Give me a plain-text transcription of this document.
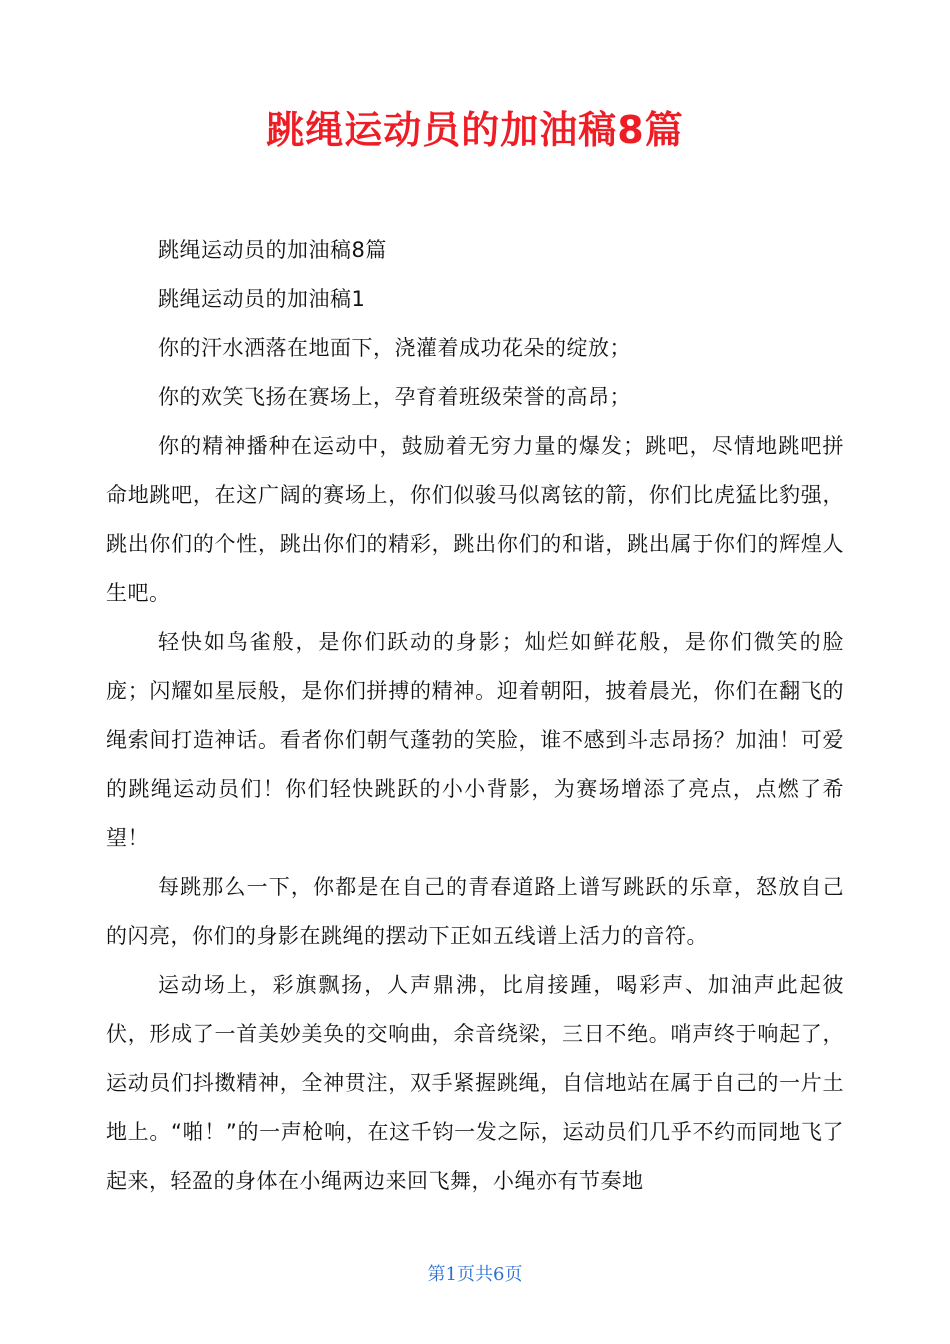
跳绳运动员的加油稿8篇

跳绳运动员的加油稿8篇

跳绳运动员的加油稿1

你的汗水洒落在地面下，浇灌着成功花朵的绽放；

你的欢笑飞扬在赛场上，孕育着班级荣誉的高昂；

你的精神播种在运动中，鼓励着无穷力量的爆发；跳吧，尽情地跳吧拼命地跳吧，在这广阔的赛场上，你们似骏马似离铉的箭，你们比虎猛比豹强，跳出你们的个性，跳出你们的精彩，跳出你们的和谐，跳出属于你们的辉煌人生吧。

轻快如鸟雀般，是你们跃动的身影；灿烂如鲜花般，是你们微笑的脸庞；闪耀如星辰般，是你们拼搏的精神。迎着朝阳，披着晨光，你们在翻飞的绳索间打造神话。看者你们朝气蓬勃的笑脸，谁不感到斗志昂扬？加油！可爱的跳绳运动员们！你们轻快跳跃的小小背影，为赛场增添了亮点，点燃了希望！

每跳那么一下，你都是在自己的青春道路上谱写跳跃的乐章，怒放自己的闪亮，你们的身影在跳绳的摆动下正如五线谱上活力的音符。

运动场上，彩旗飘扬，人声鼎沸，比肩接踵，喝彩声、加油声此起彼伏，形成了一首美妙美奂的交响曲，余音绕梁，三日不绝。哨声终于响起了，运动员们抖擞精神，全神贯注，双手紧握跳绳，自信地站在属于自己的一片土地上。“啪！”的一声枪响，在这千钧一发之际，运动员们几乎不约而同地飞了起来，轻盈的身体在小绳两边来回飞舞，小绳亦有节奏地

第1页共6页
